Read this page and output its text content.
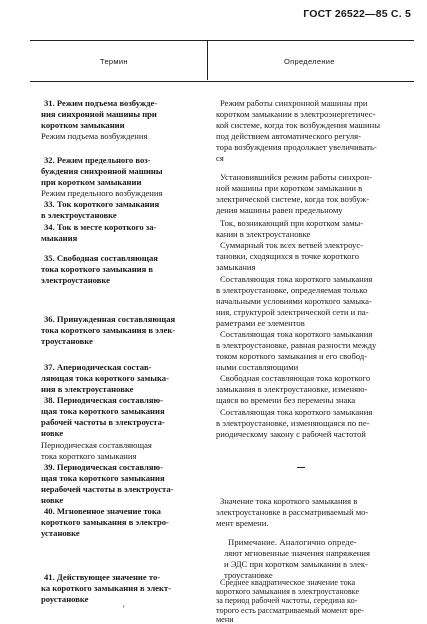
ГОСТ 26522—85 С. 5
Термин	Определение

31. Режим подъема возбужде-

ния синхронной машины при

коротком замыкании

Режим подъема возбуждения

32. Режим предельного воз-

буждения синхронной машины

при коротком замыкании

Режим предельного возбуждения

33. Ток короткого замыкания

в электроустановке

34. Ток в месте короткого за-

мыкания

35. Свободная составляющая

тока короткого замыкания в

электроустановке

36. Принужденная составляющая

тока короткого замыкания в элек-

троустановке

37. Апериодическая состав-

ляющая тока короткого замыка-

ния в электроустановке

38. Периодическая составляю-

щая тока короткого замыкания

рабочей частоты в электроуста-

новке

Периодическая составляющая

тока короткого замыкания

39. Периодическая составляю-

щая тока короткого замыкания

нерабочей частоты в электроуста-

новке

40. Мгновенное значение тока

короткого замыкания в электро-

установке

41. Действующее значение то-

ка короткого замыкания в элект-

роустановке

Режим работы синхронной машины при

коротком замыкании в электроэнергетичес-

кой системе, когда ток возбуждения машины

под действием автоматического регуля-

тора возбуждения продолжает увеличивать-

ся

Установившийся режим работы синхрон-

ной машины при коротком замыкании в

электрической системе, когда ток возбуж-

дения машины равен предельному

Ток, возникающий при коротком замы-

кании в электроустановке

Суммарный ток всех ветвей электроус-

тановки, сходящихся в точке короткого

замыкания

Составляющая тока короткого замыкания

в электроустановке, определяемая только

начальными условиями короткого замыка-

ния, структурой электрической сети и па-

раметрами ее элементов

Составляющая тока короткого замыкания

в электроустановке, равная разности между

током короткого замыкания и его свобод-

ными составляющими

Свободная составляющая тока короткого

замыкания в электроустановке, изменяю-

щаяся во времени без перемены знака

Составляющая тока короткого замыкания

в электроустановке, изменяющаяся по пе-

риодическому закону с рабочей частотой

Значение тока короткого замыкания в

электроустановке в рассматриваемый мо-

мент времени.

Примечание. Аналогично опреде-

ляют мгновенные значения напряжения

и ЭДС при коротком замыкании в элек-

троустановке

Среднее квадратическое значение тока

короткого замыкания в электроустановке

за период рабочей частоты, середина ко-

торого есть рассматриваемый момент вре-

мени

'
